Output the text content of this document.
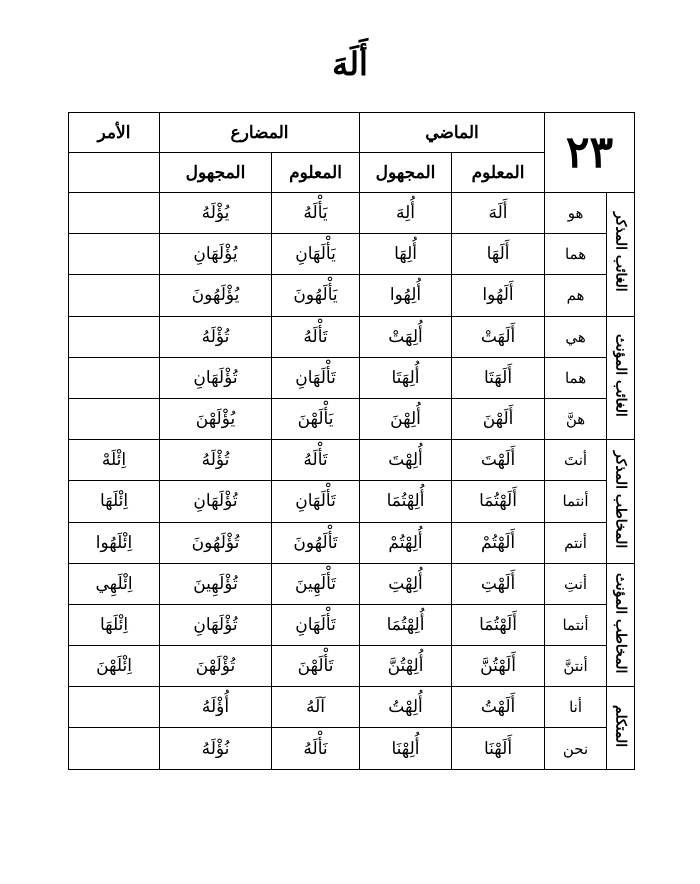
أَلَهَ
٢٣		الماضي		المضارع		الأمر
		المعلوم	المجهول	المعلوم	المجهول	
الغائب المذكر	هو	أَلَهَ	أُلِهَ	يَأْلَهُ	يُؤْلَهُ	
	هما	أَلَهَا	أُلِهَا	يَأْلَهَانِ	يُؤْلَهَانِ	
	هم	أَلَهُوا	أُلِهُوا	يَأْلَهُونَ	يُؤْلَهُونَ	
الغائب المؤنث	هي	أَلَهَتْ	أُلِهَتْ	تَأْلَهُ	تُؤْلَهُ	
	هما	أَلَهَتَا	أُلِهَتَا	تَأْلَهَانِ	تُؤْلَهَانِ	
	هنَّ	أَلَهْنَ	أُلِهْنَ	يَأْلَهْنَ	يُؤْلَهْنَ	
المخاطب المذكر	أنتَ	أَلَهْتَ	أُلِهْتَ	تَأْلَهُ	تُؤْلَهُ	اِئْلَهْ
	أنتما	أَلَهْتُمَا	أُلِهْتُمَا	تَأْلَهَانِ	تُؤْلَهَانِ	اِئْلَهَا
	أنتم	أَلَهْتُمْ	أُلِهْتُمْ	تَأْلَهُونَ	تُؤْلَهُونَ	اِئْلَهُوا
المخاطب المؤنث	أنتِ	أَلَهْتِ	أُلِهْتِ	تَأْلَهِينَ	تُؤْلَهِينَ	اِئْلَهِي
	أنتما	أَلَهْتُمَا	أُلِهْتُمَا	تَأْلَهَانِ	تُؤْلَهَانِ	اِئْلَهَا
	أنتنَّ	أَلَهْتُنَّ	أُلِهْتُنَّ	تَأْلَهْنَ	تُؤْلَهْنَ	اِئْلَهْنَ
المتكلم	أنا	أَلَهْتُ	أُلِهْتُ	آلَهُ	أُؤْلَهُ	
	نحن	أَلَهْنَا	أُلِهْنَا	نَأْلَهُ	نُؤْلَهُ	
